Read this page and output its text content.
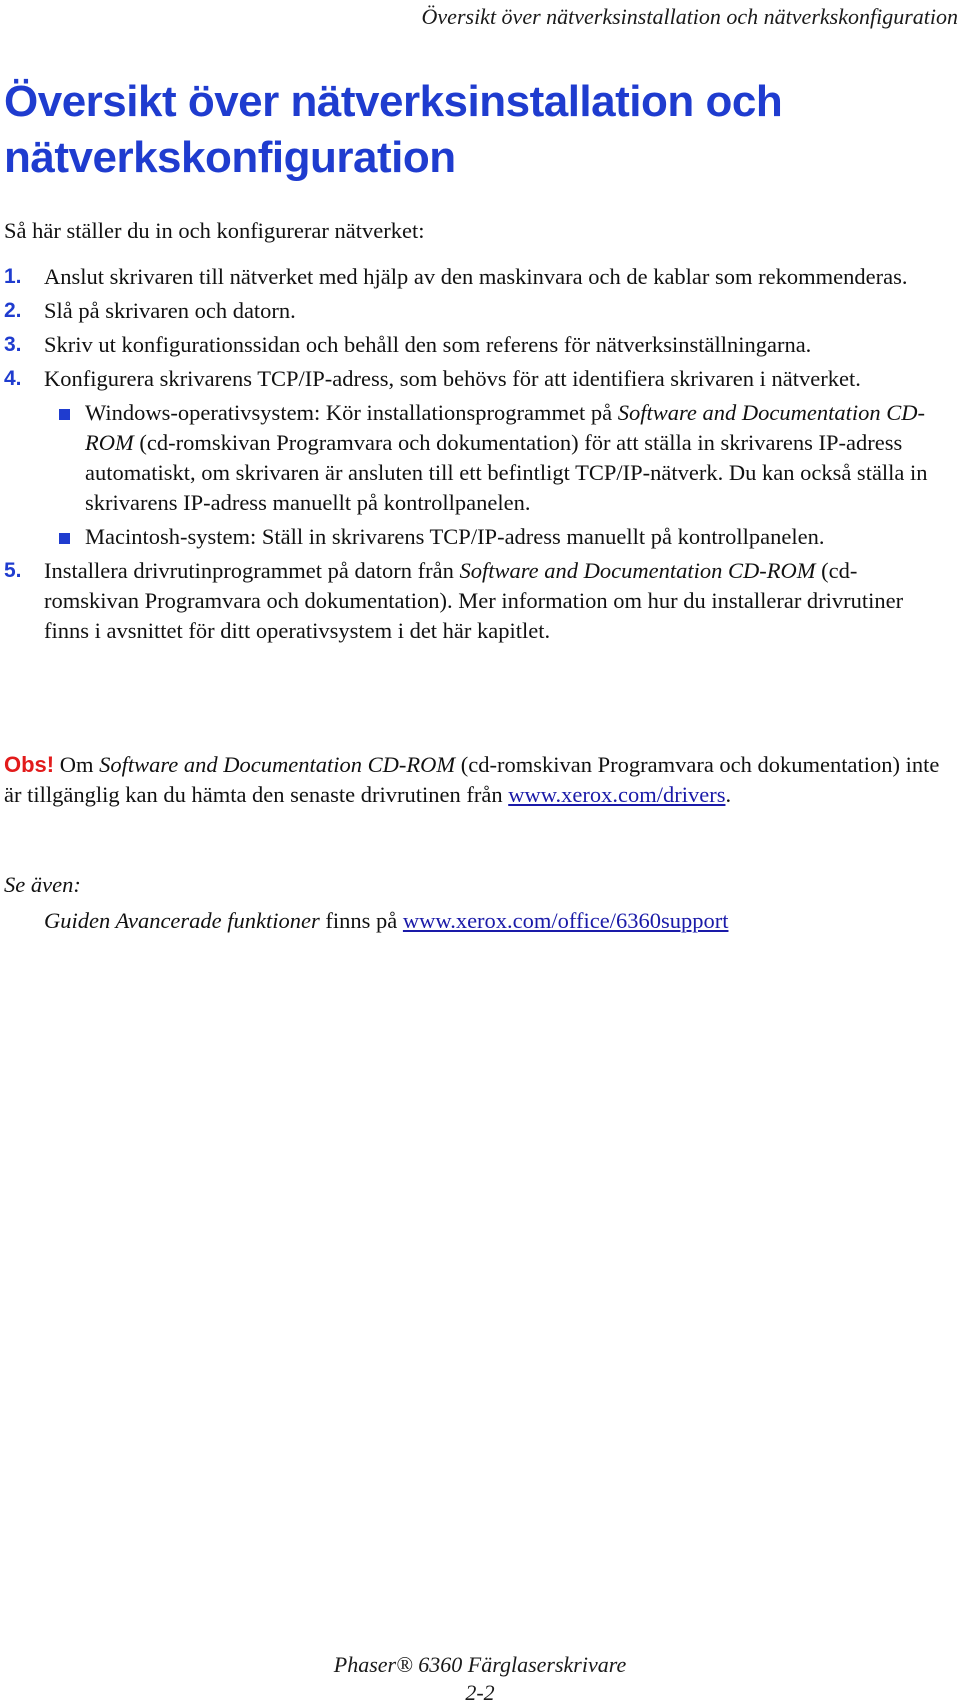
Översikt över nätverksinstallation och nätverkskonfiguration
Översikt över nätverksinstallation och nätverkskonfiguration
Så här ställer du in och konfigurerar nätverket:
1. Anslut skrivaren till nätverket med hjälp av den maskinvara och de kablar som rekommenderas.
2. Slå på skrivaren och datorn.
3. Skriv ut konfigurationssidan och behåll den som referens för nätverksinställningarna.
4. Konfigurera skrivarens TCP/IP-adress, som behövs för att identifiera skrivaren i nätverket.
Windows-operativsystem: Kör installationsprogrammet på Software and Documentation CD-ROM (cd-romskivan Programvara och dokumentation) för att ställa in skrivarens IP-adress automatiskt, om skrivaren är ansluten till ett befintligt TCP/IP-nätverk. Du kan också ställa in skrivarens IP-adress manuellt på kontrollpanelen.
Macintosh-system: Ställ in skrivarens TCP/IP-adress manuellt på kontrollpanelen.
5. Installera drivrutinprogrammet på datorn från Software and Documentation CD-ROM (cd-romskivan Programvara och dokumentation). Mer information om hur du installerar drivrutiner finns i avsnittet för ditt operativsystem i det här kapitlet.
Obs! Om Software and Documentation CD-ROM (cd-romskivan Programvara och dokumentation) inte är tillgänglig kan du hämta den senaste drivrutinen från www.xerox.com/drivers.
Se även:
Guiden Avancerade funktioner finns på www.xerox.com/office/6360support
Phaser® 6360 Färglaserskrivare
2-2
